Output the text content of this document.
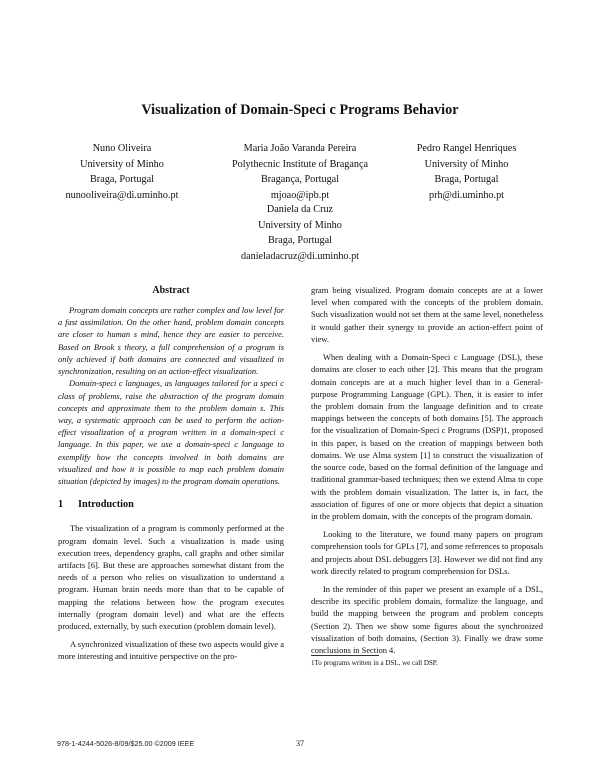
Visualization of Domain-Speci c Programs Behavior
Nuno Oliveira
University of Minho
Braga, Portugal
nunooliveira@di.uminho.pt
Maria João Varanda Pereira
Polythecnic Institute of Bragança
Bragança, Portugal
mjoao@ipb.pt
Pedro Rangel Henriques
University of Minho
Braga, Portugal
prh@di.uminho.pt
Daniela da Cruz
University of Minho
Braga, Portugal
danieladacruz@di.uminho.pt
Abstract

Program domain concepts are rather complex and low level for a fast assimilation. On the other hand, problem domain concepts are closer to human s mind, hence they are easier to perceive. Based on Brook s theory, a full comprehension of a program is only achieved if both domains are connected and visualized in synchronization, resulting on an action-effect visualization.

Domain-speci c languages, as languages tailored for a speci c class of problems, raise the abstraction of the program domain concepts and approximate them to the problem domain s. This way, a systematic approach can be used to perform the action-effect visualization of a program written in a domain-speci c language. In this paper, we use a domain-speci c language to exemplify how the concepts involved in both domains are visualized and how it is possible to map each problem domain situation (depicted by images) to the program domain operations.

1 Introduction

The visualization of a program is commonly performed at the program domain level. Such a visualization is made using execution trees, dependency graphs, call graphs and other similar artifacts [6]. But these are approaches somewhat distant from the needs of a person who relies on visualization to understand a program. Human brain needs more than that to be capable of mapping the relations between how the program executes internally (program domain level) and what are the effects produced, externally, by such execution (problem domain level).

A synchronized visualization of these two aspects would give a more interesting and intuitive perspective on the pro-

gram being visualized. Program domain concepts are at a lower level when compared with the concepts of the problem domain. Such visualization would not set them at the same level, nonetheless it would gather their synergy to provide an action-effect point of view.

When dealing with a Domain-Speci c Language (DSL), these domains are closer to each other [2]. This means that the program domain concepts are at a much higher level than in a General-purpose Programming Language (GPL). Then, it is easier to infer the problem domain from the language definition and to create mappings between the concepts of both domains [5]. The approach for the visualization of Domain-Speci c Programs (DSP)1, proposed in this paper, is based on the creation of mappings between both domains. We use Alma system [1] to construct the visualization of the source code, based on the formal definition of the language and traditional grammar-based techniques; then we extend Alma to cope with the problem domain visualization. The latter is, in fact, the association of figures of one or more objects that depict a situation in the problem domain, with the concepts of the program domain.

Looking to the literature, we found many papers on program comprehension tools for GPLs [7], and some references to proposals and projects about DSL debuggers [3]. However we did not find any work directly related to program comprehension for DSLs.

In the reminder of this paper we present an example of a DSL, describe its specific problem domain, formalize the language, and build the mapping between the program and problem concepts (Section 2). Then we show some figures about the synchronized visualization of both domains, (Section 3). Finally we draw some conclusions in Section 4.

1To programs written in a DSL, we call DSP.
978-1-4244-5026-8/09/$25.00 ©2009 IEEE	37
